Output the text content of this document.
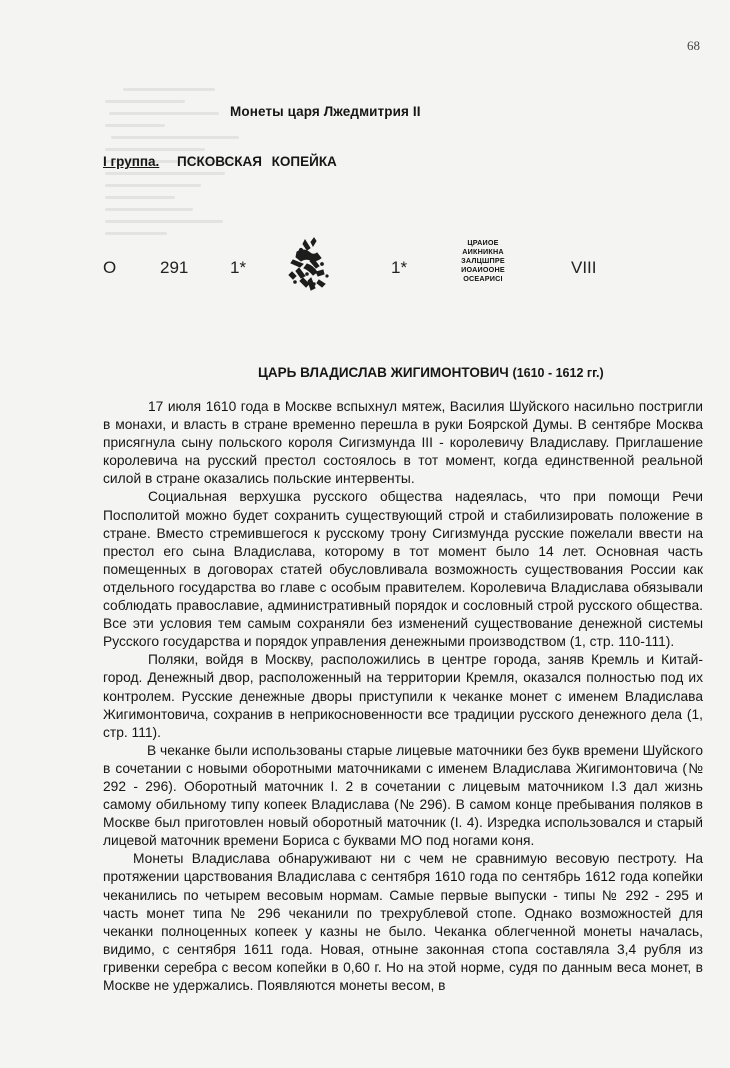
68
Монеты царя Лжедмитрия II
I группа. ПСКОВСКАЯ КОПЕЙКА
О	291 1*	1*	VIII
ЦРАИОЕ
АИКНИКНА
ЗАЛЦШПРЕ
ИОАИООНЕ
ОСЕАРИСI
ЦАРЬ ВЛАДИСЛАВ ЖИГИМОНТОВИЧ (1610 - 1612 гг.)

17 июля 1610 года в Москве вспыхнул мятеж, Василия Шуйского насильно постригли в монахи, и власть в стране временно перешла в руки Боярской Думы. В сентябре Москва присягнула сыну польского короля Сигизмунда III - королевичу Владиславу. Приглашение королевича на русский престол состоялось в тот момент, когда единственной реальной силой в стране оказались польские интервенты.

Социальная верхушка русского общества надеялась, что при помощи Речи Посполитой можно будет сохранить существующий строй и стабилизировать положение в стране. Вместо стремившегося к русскому трону Сигизмунда русские пожелали ввести на престол его сына Владислава, которому в тот момент было 14 лет. Основная часть помещенных в договорах статей обусловливала возможность существования России как отдельного государства во главе с особым правителем. Королевича Владислава обязывали соблюдать православие, административный порядок и сословный строй русского общества. Все эти условия тем самым сохраняли без изменений существование денежной системы Русского государства и порядок управления денежными производством (1, стр. 110-111).

Поляки, войдя в Москву, расположились в центре города, заняв Кремль и Китай-город. Денежный двор, расположенный на территории Кремля, оказался полностью под их контролем. Русские денежные дворы приступили к чеканке монет с именем Владислава Жигимонтовича, сохранив в неприкосновенности все традиции русского денежного дела (1, стр. 111).

В чеканке были использованы старые лицевые маточники без букв времени Шуйского в сочетании с новыми оборотными маточниками с именем Владислава Жигимонтовича (№ 292 - 296). Оборотный маточник I. 2 в сочетании с лицевым маточником I.3 дал жизнь самому обильному типу копеек Владислава (№ 296). В самом конце пребывания поляков в Москве был приготовлен новый оборотный маточник (I. 4). Изредка использовался и старый лицевой маточник времени Бориса с буквами МО под ногами коня.

Монеты Владислава обнаруживают ни с чем не сравнимую весовую пестроту. На протяжении царствования Владислава с сентября 1610 года по сентябрь 1612 года копейки чеканились по четырем весовым нормам. Самые первые выпуски - типы № 292 - 295 и часть монет типа № 296 чеканили по трехрублевой стопе. Однако возможностей для чеканки полноценных копеек у казны не было. Чеканка облегченной монеты началась, видимо, с сентября 1611 года. Новая, отныне законная стопа составляла 3,4 рубля из гривенки серебра с весом копейки в 0,60 г. Но на этой норме, судя по данным веса монет, в Москве не удержались. Появляются монеты весом, в
